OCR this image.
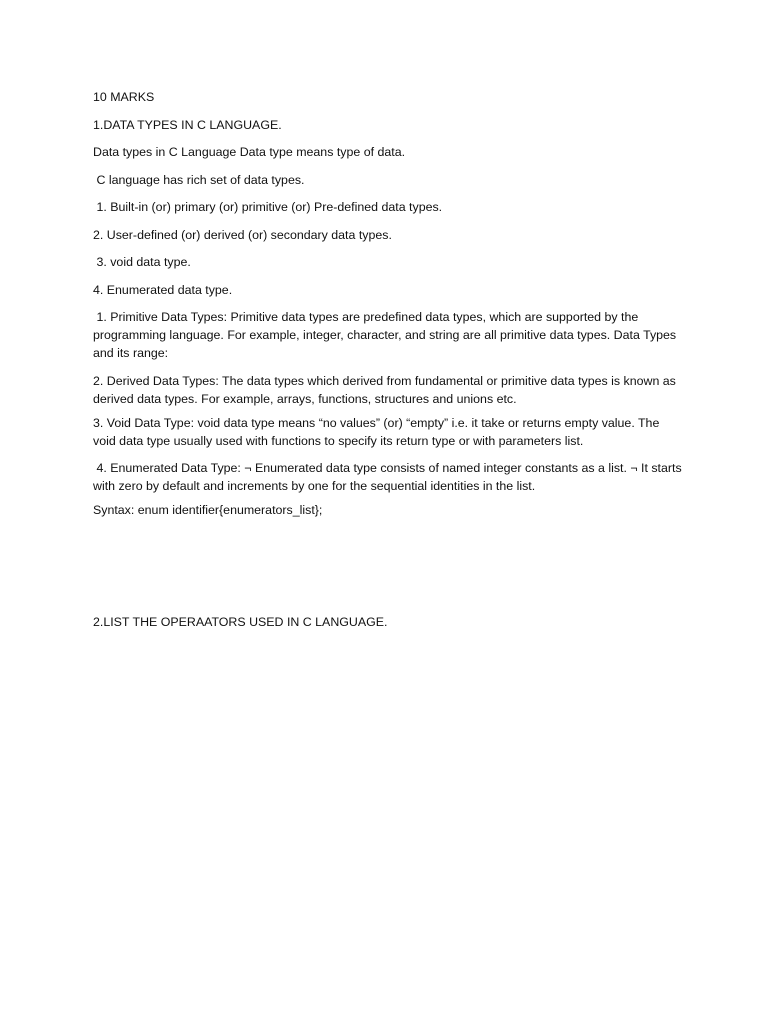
10 MARKS

1.DATA TYPES IN C LANGUAGE.

Data types in C Language Data type means type of data.

C language has rich set of data types.

1. Built-in (or) primary (or) primitive (or) Pre-defined data types.

2. User-defined (or) derived (or) secondary data types.

3. void data type.

4. Enumerated data type.

1. Primitive Data Types: Primitive data types are predefined data types, which are supported by the programming language. For example, integer, character, and string are all primitive data types. Data Types and its range:

2. Derived Data Types: The data types which derived from fundamental or primitive data types is known as derived data types. For example, arrays, functions, structures and unions etc.

3. Void Data Type: void data type means “no values” (or) “empty” i.e. it take or returns empty value. The void data type usually used with functions to specify its return type or with parameters list.

4. Enumerated Data Type: ¬ Enumerated data type consists of named integer constants as a list. ¬ It starts with zero by default and increments by one for the sequential identities in the list.

Syntax: enum identifier{enumerators_list};

2.LIST THE OPERAATORS USED IN C LANGUAGE.
